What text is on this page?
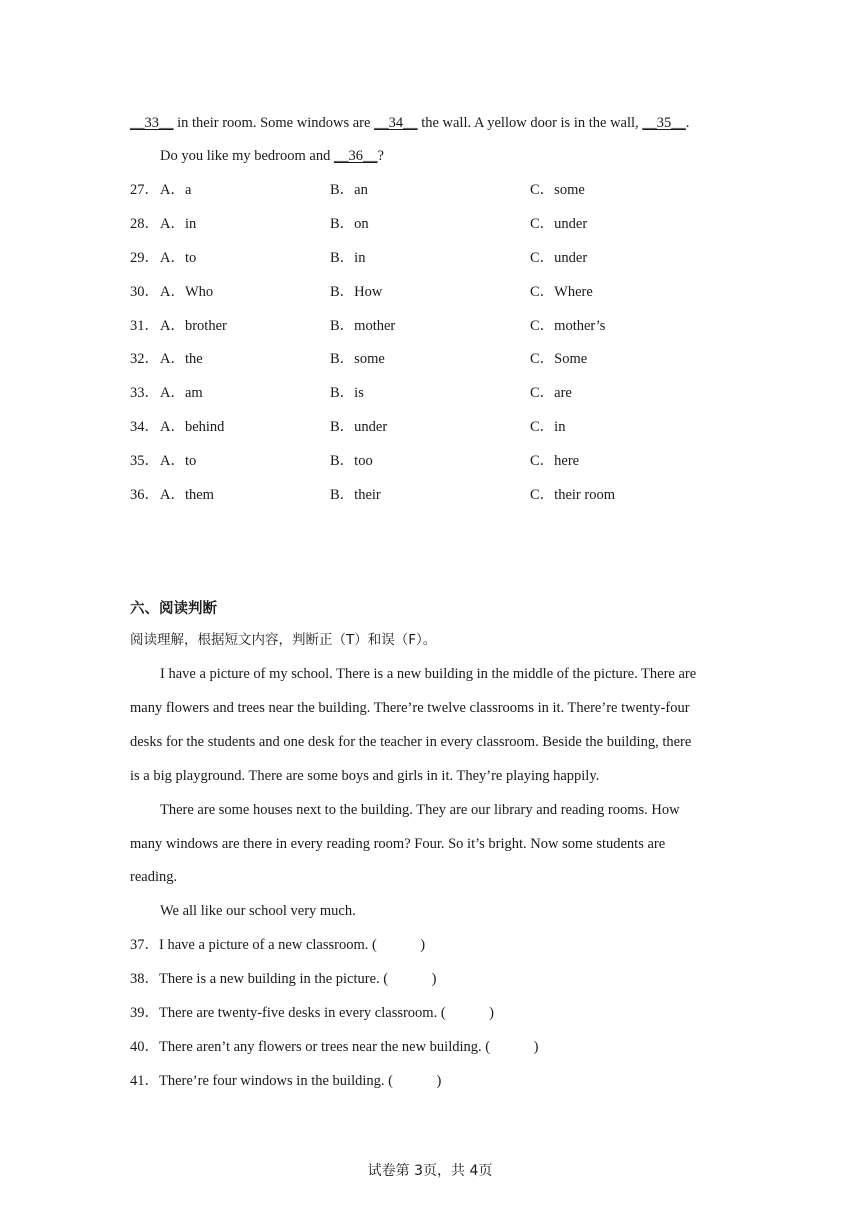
__33__ in their room. Some windows are __34__ the wall. A yellow door is in the wall, __35__.
Do you like my bedroom and __36__?
27． A．a	B．an	C．some
28． A．in	B．on	C．under
29． A．to	B．in	C．under
30． A．Who	B．How	C．Where
31． A．brother	B．mother	C．mother’s
32． A．the	B．some	C．Some
33． A．am	B．is	C．are
34． A．behind	B．under	C．in
35． A．to	B．too	C．here
36． A．them	B．their	C．their room
六、阅读判断
阅读理解，根据短文内容，判断正（T）和误（F）。
I have a picture of my school. There is a new building in the middle of the picture. There are
many flowers and trees near the building. There’re twelve classrooms in it. There’re twenty-four
desks for the students and one desk for the teacher in every classroom. Beside the building, there
is a big playground. There are some boys and girls in it. They’re playing happily.
There are some houses next to the building. They are our library and reading rooms. How
many windows are there in every reading room? Four. So it’s bright. Now some students are
reading.
We all like our school very much.
37．I have a picture of a new classroom. (            )
38．There is a new building in the picture. (            )
39．There are twenty-five desks in every classroom. (            )
40．There aren’t any flowers or trees near the new building. (            )
41．There’re four windows in the building. (            )
试卷第 3页，共 4页
